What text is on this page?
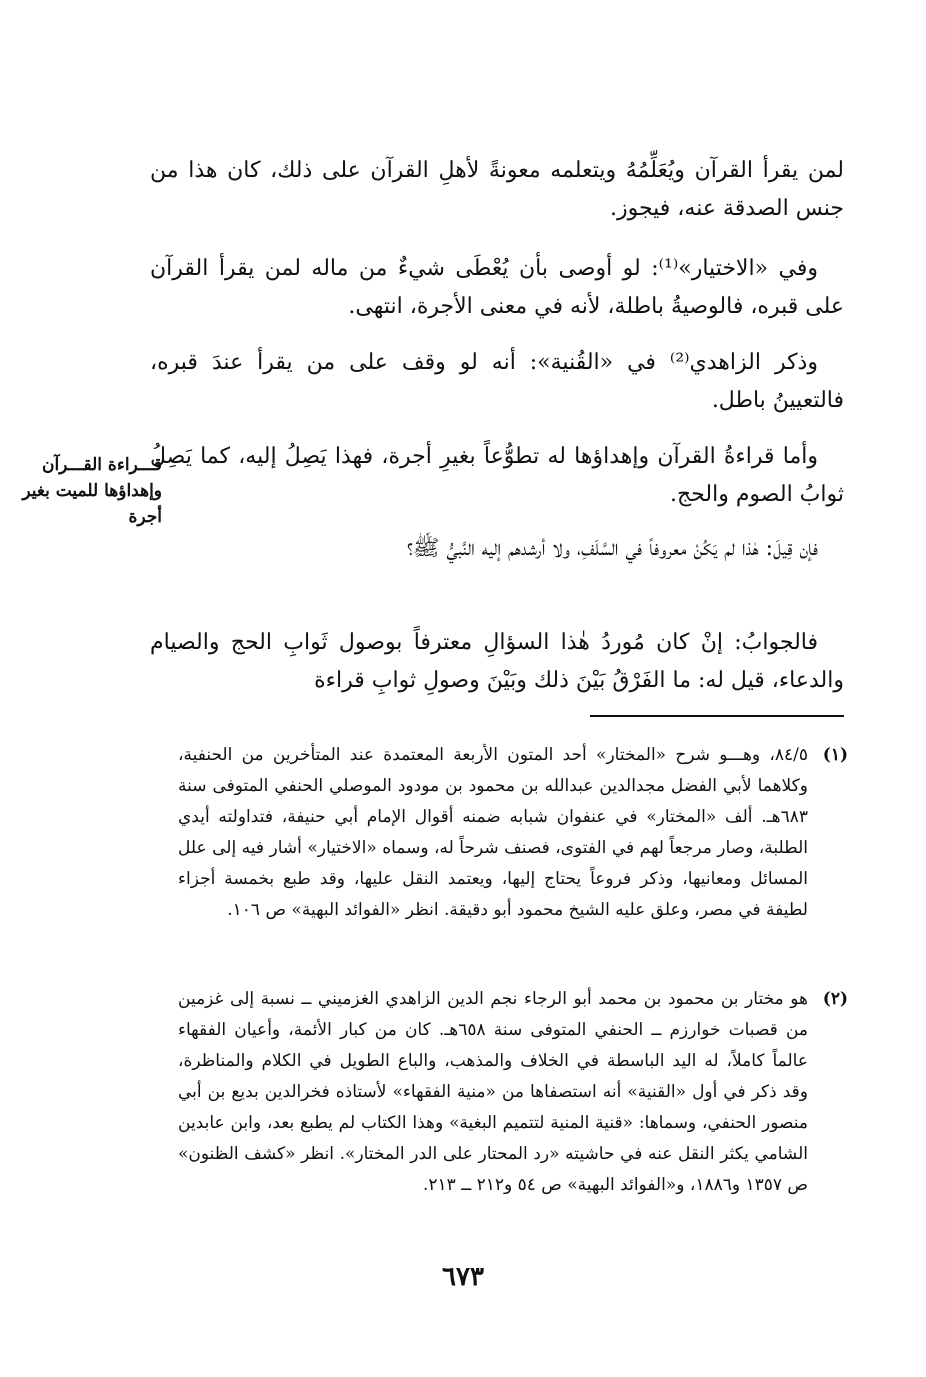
لمن يقرأ القرآن ويُعَلِّمُهُ ويتعلمه معونةً لأهلِ القرآن على ذلك، كان هذا من جنس الصدقة عنه، فيجوز.

وفي «الاختيار»⁽¹⁾: لو أوصى بأن يُعْطَى شيءٌ من ماله لمن يقرأ القرآن على قبره، فالوصيةُ باطلة، لأنه في معنى الأجرة، انتهى.

وذكر الزاهدي⁽²⁾ في «القُنية»: أنه لو وقف على من يقرأ عندَ قبره، فالتعيينُ باطل.

وأما قراءةُ القرآن وإهداؤها له تطوُّعاً بغيرِ أجرة، فهذا يَصِلُ إليه، كما يَصِلُ ثوابُ الصوم والحج.

فإن قِيلَ: هٰذا لم يَكُنْ معروفاً في السَّلَفِ، ولا أرشدهم إليه النَّبيُّ ﷺ؟

فالجوابُ: إنْ كان مُوردُ هٰذا السؤالِ معترفاً بوصول ثَوابِ الحج والصيام والدعاء، قيل له: ما الفَرْقُ بَيْنَ ذلك وبَيْنَ وصولِ ثوابِ قراءة

قـــراءة القـــرآن وإهداؤها للميت بغير أجرة
(١)
٨٤/٥، وهـــو شرح «المختار» أحد المتون الأربعة المعتمدة عند المتأخرين من الحنفية، وكلاهما لأبي الفضل مجدالدين عبدالله بن محمود بن مودود الموصلي الحنفي المتوفى سنة ٦٨٣هـ. ألف «المختار» في عنفوان شبابه ضمنه أقوال الإمام أبي حنيفة، فتداولته أيدي الطلبة، وصار مرجعاً لهم في الفتوى، فصنف شرحاً له، وسماه «الاختيار» أشار فيه إلى علل المسائل ومعانيها، وذكر فروعاً يحتاج إليها، ويعتمد النقل عليها، وقد طبع بخمسة أجزاء لطيفة في مصر، وعلق عليه الشيخ محمود أبو دقيقة. انظر «الفوائد البهية» ص ١٠٦.
(٢)
هو مختار بن محمود بن محمد أبو الرجاء نجم الدين الزاهدي الغزميني ــ نسبة إلى غزمين من قصبات خوارزم ــ الحنفي المتوفى سنة ٦٥٨هـ. كان من كبار الأئمة، وأعيان الفقهاء عالماً كاملاً، له اليد الباسطة في الخلاف والمذهب، والباع الطويل في الكلام والمناظرة، وقد ذكر في أول «القنية» أنه استصفاها من «منية الفقهاء» لأستاذه فخرالدين بديع بن أبي منصور الحنفي، وسماها: «قنية المنية لتتميم البغية» وهذا الكتاب لم يطبع بعد، وابن عابدين الشامي يكثر النقل عنه في حاشيته «رد المحتار على الدر المختار». انظر «كشف الظنون» ص ١٣٥٧ و١٨٨٦، و«الفوائد البهية» ص ٥٤ و٢١٢ ــ ٢١٣.
٦٧٣
